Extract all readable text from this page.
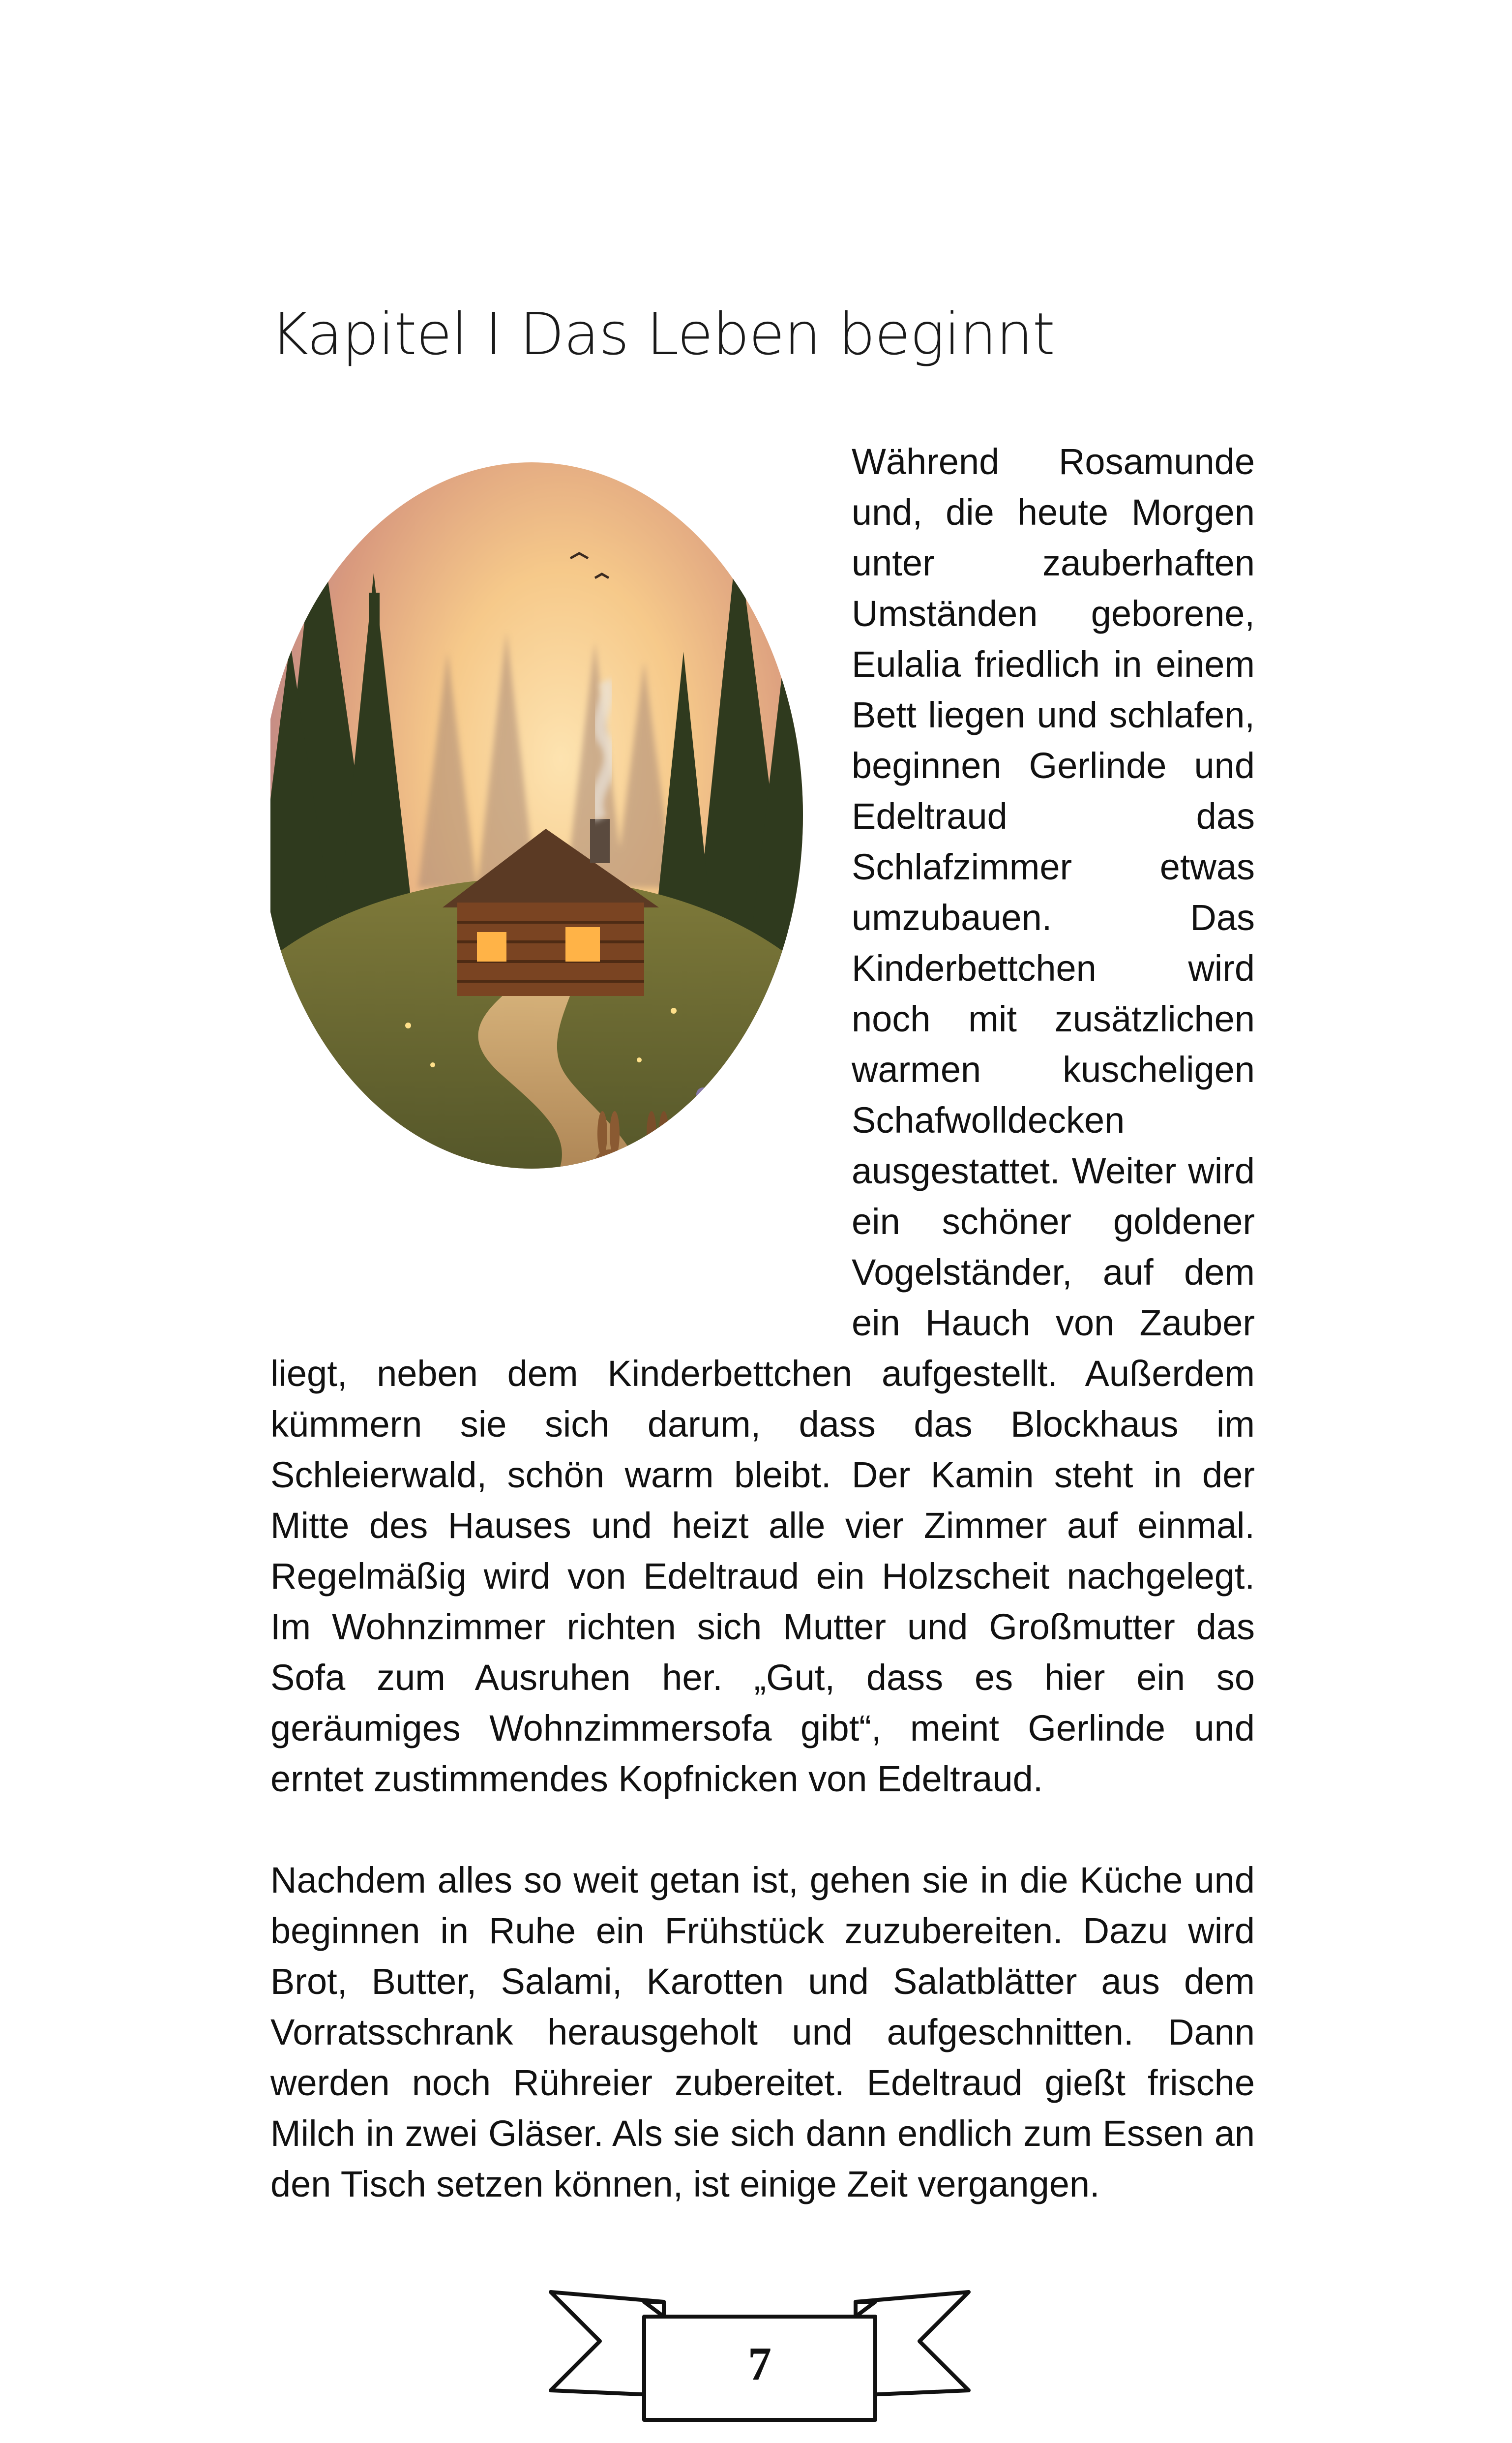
Kapitel I Das Leben beginnt

Während Rosamunde und, die heute Morgen unter zauberhaften Umständen geborene, Eulalia friedlich in einem Bett liegen und schlafen, beginnen Gerlinde und Edeltraud das Schlafzimmer etwas umzubauen. Das Kinderbettchen wird noch mit zusätzlichen warmen kuscheligen Schafwolldecken ausgestattet. Weiter wird ein schöner goldener Vogelständer, auf dem ein Hauch von Zauber liegt, neben dem Kinderbettchen aufgestellt. Außerdem kümmern sie sich darum, dass das Blockhaus im Schleierwald, schön warm bleibt. Der Kamin steht in der Mitte des Hauses und heizt alle vier Zimmer auf einmal. Regelmäßig wird von Edeltraud ein Holzscheit nachgelegt. Im Wohnzimmer richten sich Mutter und Großmutter das Sofa zum Ausruhen her. „Gut, dass es hier ein so geräumiges Wohnzimmersofa gibt“, meint Gerlinde und erntet zustimmendes Kopfnicken von Edeltraud.

Nachdem alles so weit getan ist, gehen sie in die Küche und beginnen in Ruhe ein Frühstück zuzubereiten. Dazu wird Brot, Butter, Salami, Karotten und Salatblätter aus dem Vorratsschrank herausgeholt und aufgeschnitten. Dann werden noch Rühreier zubereitet. Edeltraud gießt frische Milch in zwei Gläser. Als sie sich dann endlich zum Essen an den Tisch setzen können, ist einige Zeit vergangen.

7
